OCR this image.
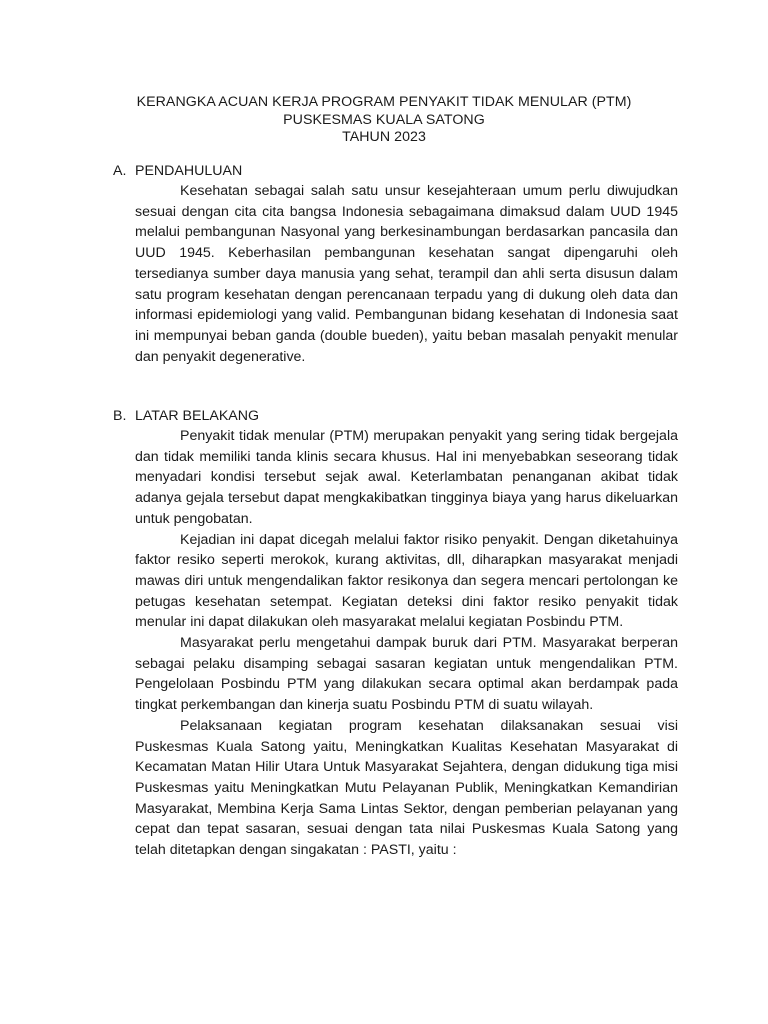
KERANGKA ACUAN KERJA PROGRAM PENYAKIT TIDAK MENULAR (PTM)
PUSKESMAS KUALA SATONG
TAHUN 2023
A. PENDAHULUAN

Kesehatan sebagai salah satu unsur kesejahteraan umum perlu diwujudkan sesuai dengan cita cita bangsa Indonesia sebagaimana dimaksud dalam UUD 1945 melalui pembangunan Nasyonal yang berkesinambungan berdasarkan pancasila dan UUD 1945. Keberhasilan pembangunan kesehatan sangat dipengaruhi oleh tersedianya sumber daya manusia yang sehat, terampil dan ahli serta disusun dalam satu program kesehatan dengan perencanaan terpadu yang di dukung oleh data dan informasi epidemiologi yang valid. Pembangunan bidang kesehatan di Indonesia saat ini mempunyai beban ganda (double bueden), yaitu beban masalah penyakit menular dan penyakit degenerative.

B. LATAR BELAKANG

Penyakit tidak menular (PTM) merupakan penyakit yang sering tidak bergejala dan tidak memiliki tanda klinis secara khusus. Hal ini menyebabkan seseorang tidak menyadari kondisi tersebut sejak awal. Keterlambatan penanganan akibat tidak adanya gejala tersebut dapat mengkakibatkan tingginya biaya yang harus dikeluarkan untuk pengobatan.

Kejadian ini dapat dicegah melalui faktor risiko penyakit. Dengan diketahuinya faktor resiko seperti merokok, kurang aktivitas, dll, diharapkan masyarakat menjadi mawas diri untuk mengendalikan faktor resikonya dan segera mencari pertolongan ke petugas kesehatan setempat. Kegiatan deteksi dini faktor resiko penyakit tidak menular ini dapat dilakukan oleh masyarakat melalui kegiatan Posbindu PTM.

Masyarakat perlu mengetahui dampak buruk dari PTM. Masyarakat berperan sebagai pelaku disamping sebagai sasaran kegiatan untuk mengendalikan PTM. Pengelolaan Posbindu PTM yang dilakukan secara optimal akan berdampak pada tingkat perkembangan dan kinerja suatu Posbindu PTM di suatu wilayah.

Pelaksanaan kegiatan program kesehatan dilaksanakan sesuai visi Puskesmas Kuala Satong yaitu, Meningkatkan Kualitas Kesehatan Masyarakat di Kecamatan Matan Hilir Utara Untuk Masyarakat Sejahtera, dengan didukung tiga misi Puskesmas yaitu Meningkatkan Mutu Pelayanan Publik, Meningkatkan Kemandirian Masyarakat, Membina Kerja Sama Lintas Sektor, dengan pemberian pelayanan yang cepat dan tepat sasaran, sesuai dengan tata nilai Puskesmas Kuala Satong yang telah ditetapkan dengan singakatan : PASTI, yaitu :
